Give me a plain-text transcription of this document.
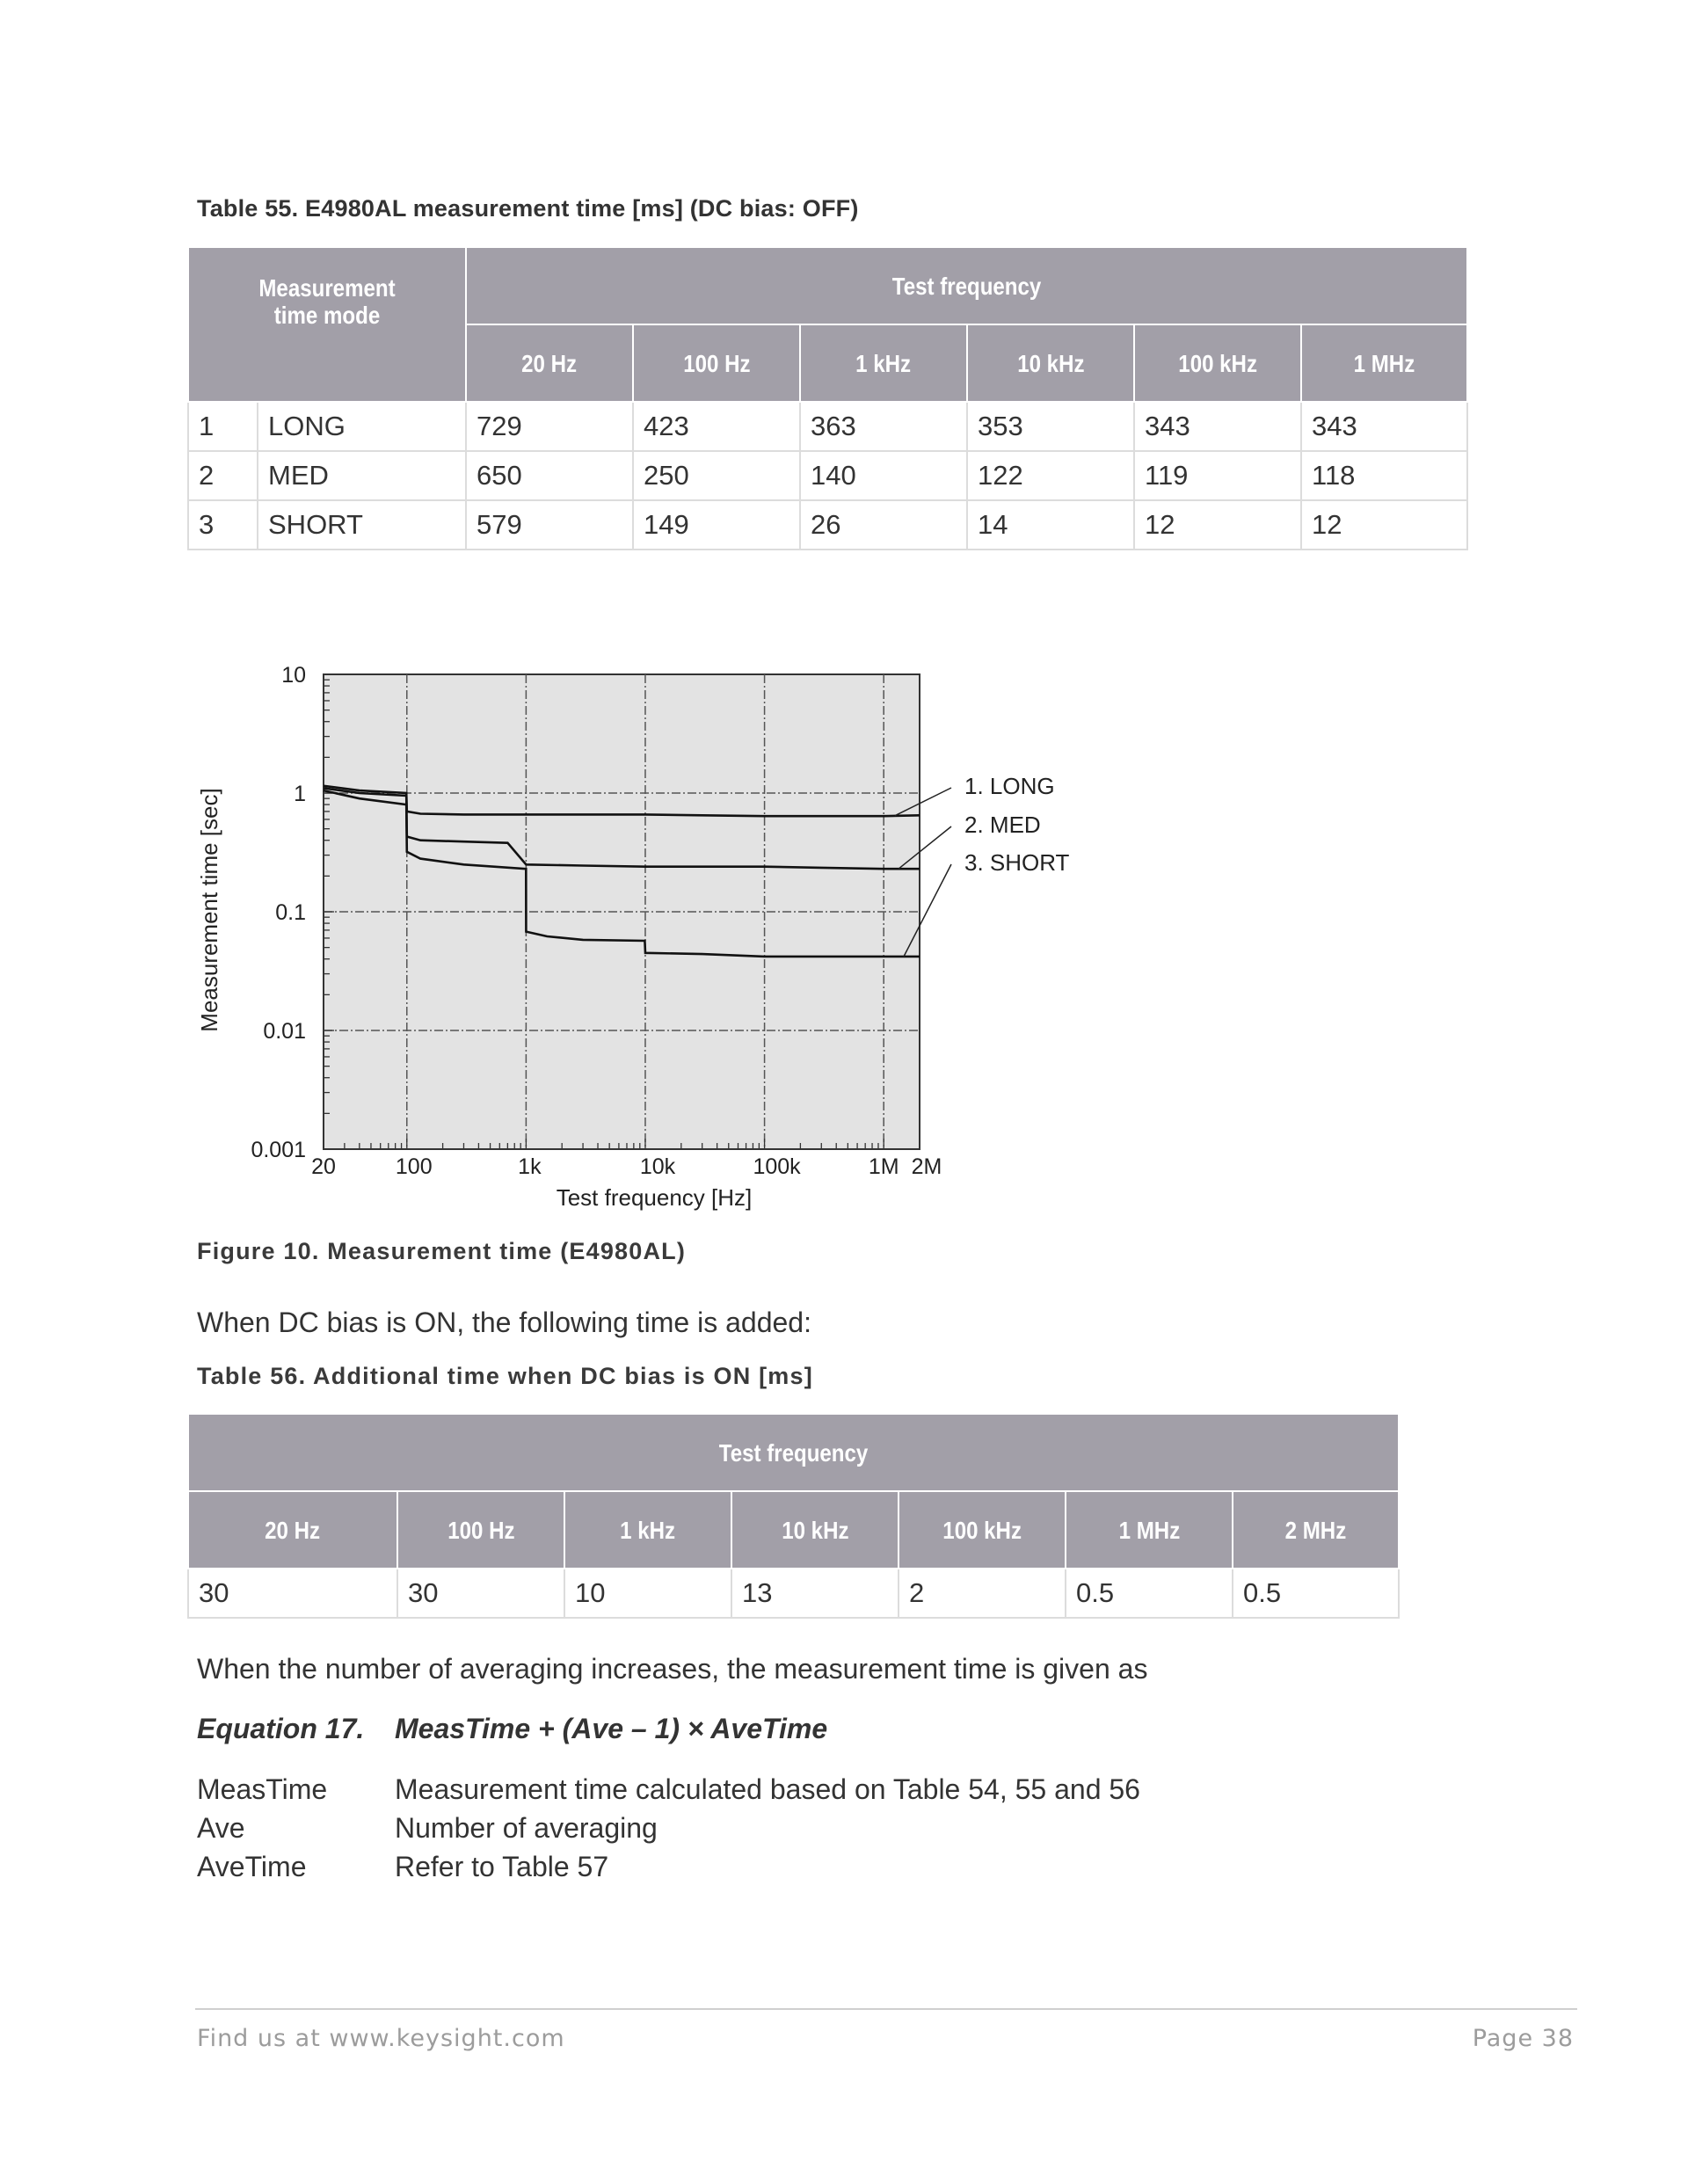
Table 55. E4980AL measurement time [ms] (DC bias: OFF)
Measurement time mode		Test frequency					
		20 Hz	100 Hz	1 kHz	10 kHz	100 kHz	1 MHz
1	LONG	729	423	363	353	343	343
2	MED	650	250	140	122	119	118
3	SHORT	579	149	26	14	12	12
20	100	1k	10k	100k	1M 2M
10
1
0.1
0.01
0.001
1. LONG
2. MED
3. SHORT
Test frequency [Hz]
Measurement time [sec]
Figure 10. Measurement time (E4980AL)
When DC bias is ON, the following time is added:
Table 56. Additional time when DC bias is ON [ms]
Test frequency						
20 Hz	100 Hz	1 kHz	10 kHz	100 kHz	1 MHz	2 MHz
30	30	10	13	2	0.5	0.5
When the number of averaging increases, the measurement time is given as
Equation 17. MeasTime + (Ave – 1) × AveTime
MeasTime Measurement time calculated based on Table 54, 55 and 56
Ave	Number of averaging
AveTime	Refer to Table 57
Find us at www.keysight.com	Page 38
